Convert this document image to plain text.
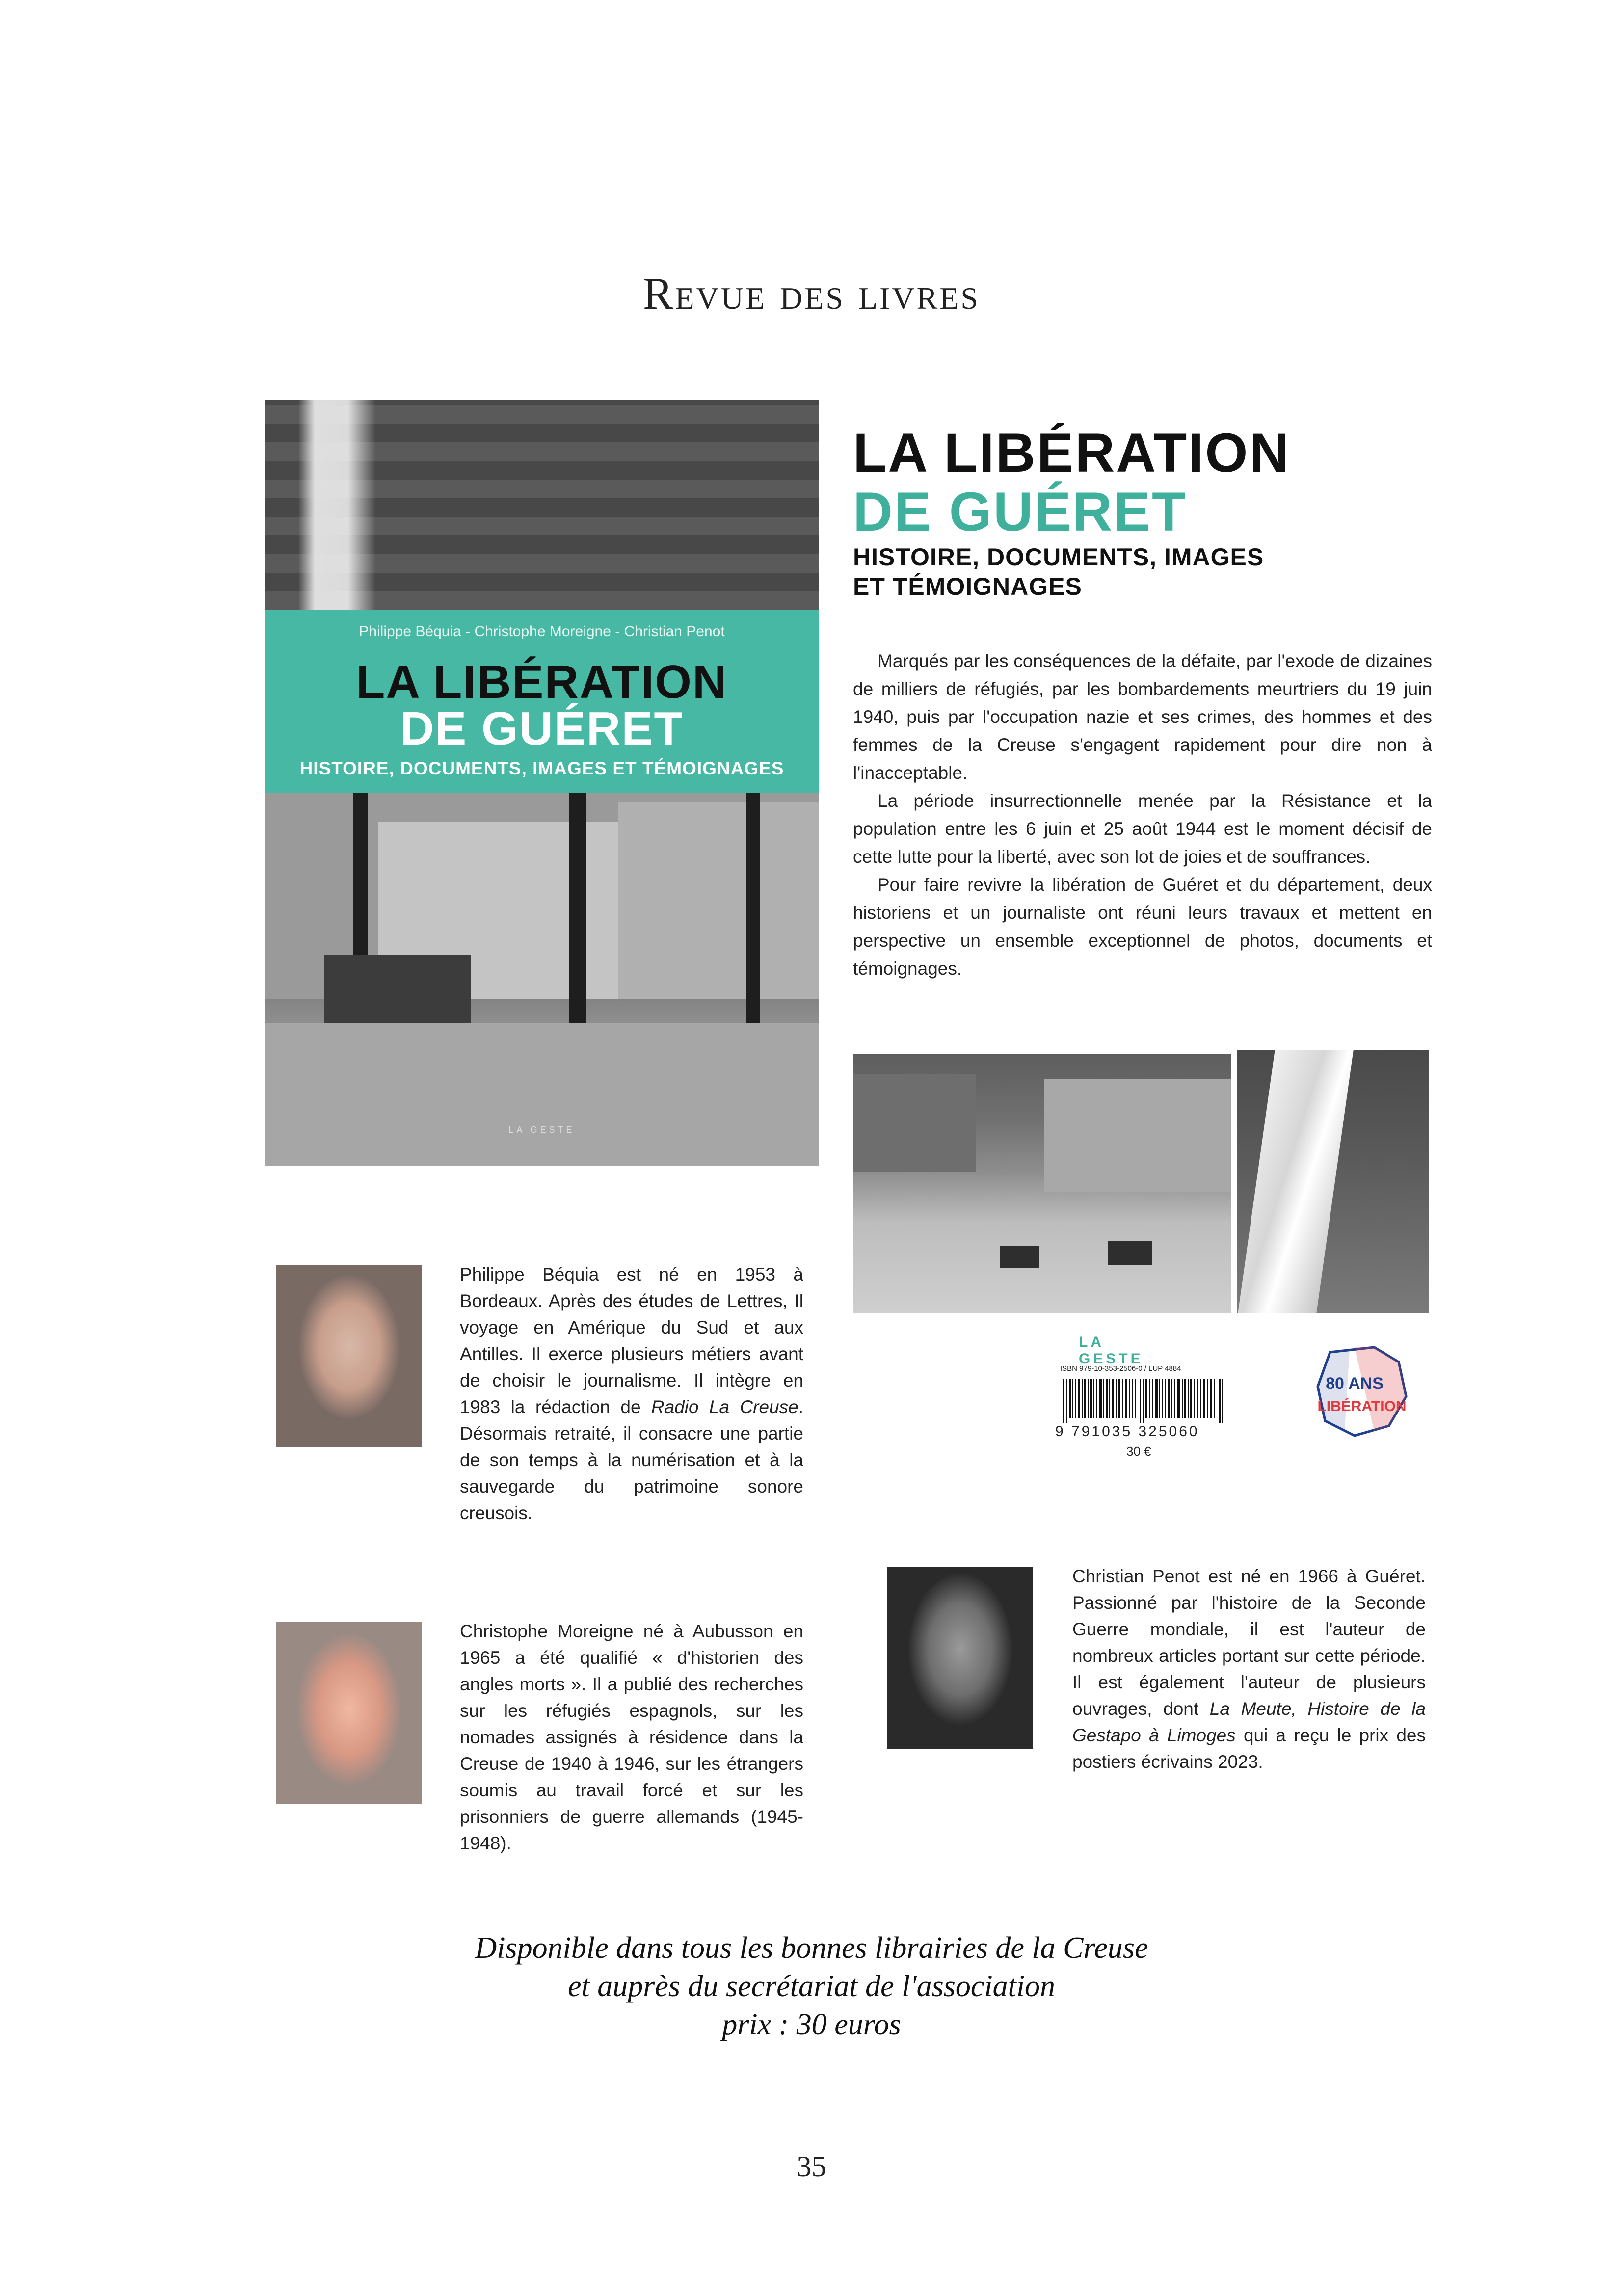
Revue des livres
Philippe Béquia - Christophe Moreigne - Christian Penot
LA LIBÉRATION
DE GUÉRET
HISTOIRE, DOCUMENTS, IMAGES ET TÉMOIGNAGES
LA GESTE
LA LIBÉRATION
DE GUÉRET
HISTOIRE, DOCUMENTS, IMAGES
ET TÉMOIGNAGES

Marqués par les conséquences de la défaite, par l'exode de dizaines de milliers de réfugiés, par les bombardements meurtriers du 19 juin 1940, puis par l'occupation nazie et ses crimes, des hommes et des femmes de la Creuse s'engagent rapidement pour dire non à l'inacceptable.

La période insurrectionnelle menée par la Résistance et la population entre les 6 juin et 25 août 1944 est le moment décisif de cette lutte pour la liberté, avec son lot de joies et de souffrances.

Pour faire revivre la libération de Guéret et du département, deux historiens et un journaliste ont réuni leurs travaux et mettent en perspective un ensemble exceptionnel de photos, documents et témoignages.

LA GESTE
ISBN 979-10-353-2506-0 / LUP 4884
9 791035 325060
30 €
80 ANS
LIBÉRATION
Philippe Béquia est né en 1953 à Bordeaux. Après des études de Lettres, Il voyage en Amérique du Sud et aux Antilles. Il exerce plusieurs métiers avant de choisir le journalisme. Il intègre en 1983 la rédaction de Radio La Creuse. Désormais retraité, il consacre une partie de son temps à la numérisation et à la sauvegarde du patrimoine sonore creusois.
Christophe Moreigne né à Aubusson en 1965 a été qualifié « d'historien des angles morts ». Il a publié des recherches sur les réfugiés espagnols, sur les nomades assignés à résidence dans la Creuse de 1940 à 1946, sur les étrangers soumis au travail forcé et sur les prisonniers de guerre allemands (1945-1948).
Christian Penot est né en 1966 à Guéret. Passionné par l'histoire de la Seconde Guerre mondiale, il est l'auteur de nombreux articles portant sur cette période. Il est également l'auteur de plusieurs ouvrages, dont La Meute, Histoire de la Gestapo à Limoges qui a reçu le prix des postiers écrivains 2023.
Disponible dans tous les bonnes librairies de la Creuse
et auprès du secrétariat de l'association
prix : 30 euros
35
